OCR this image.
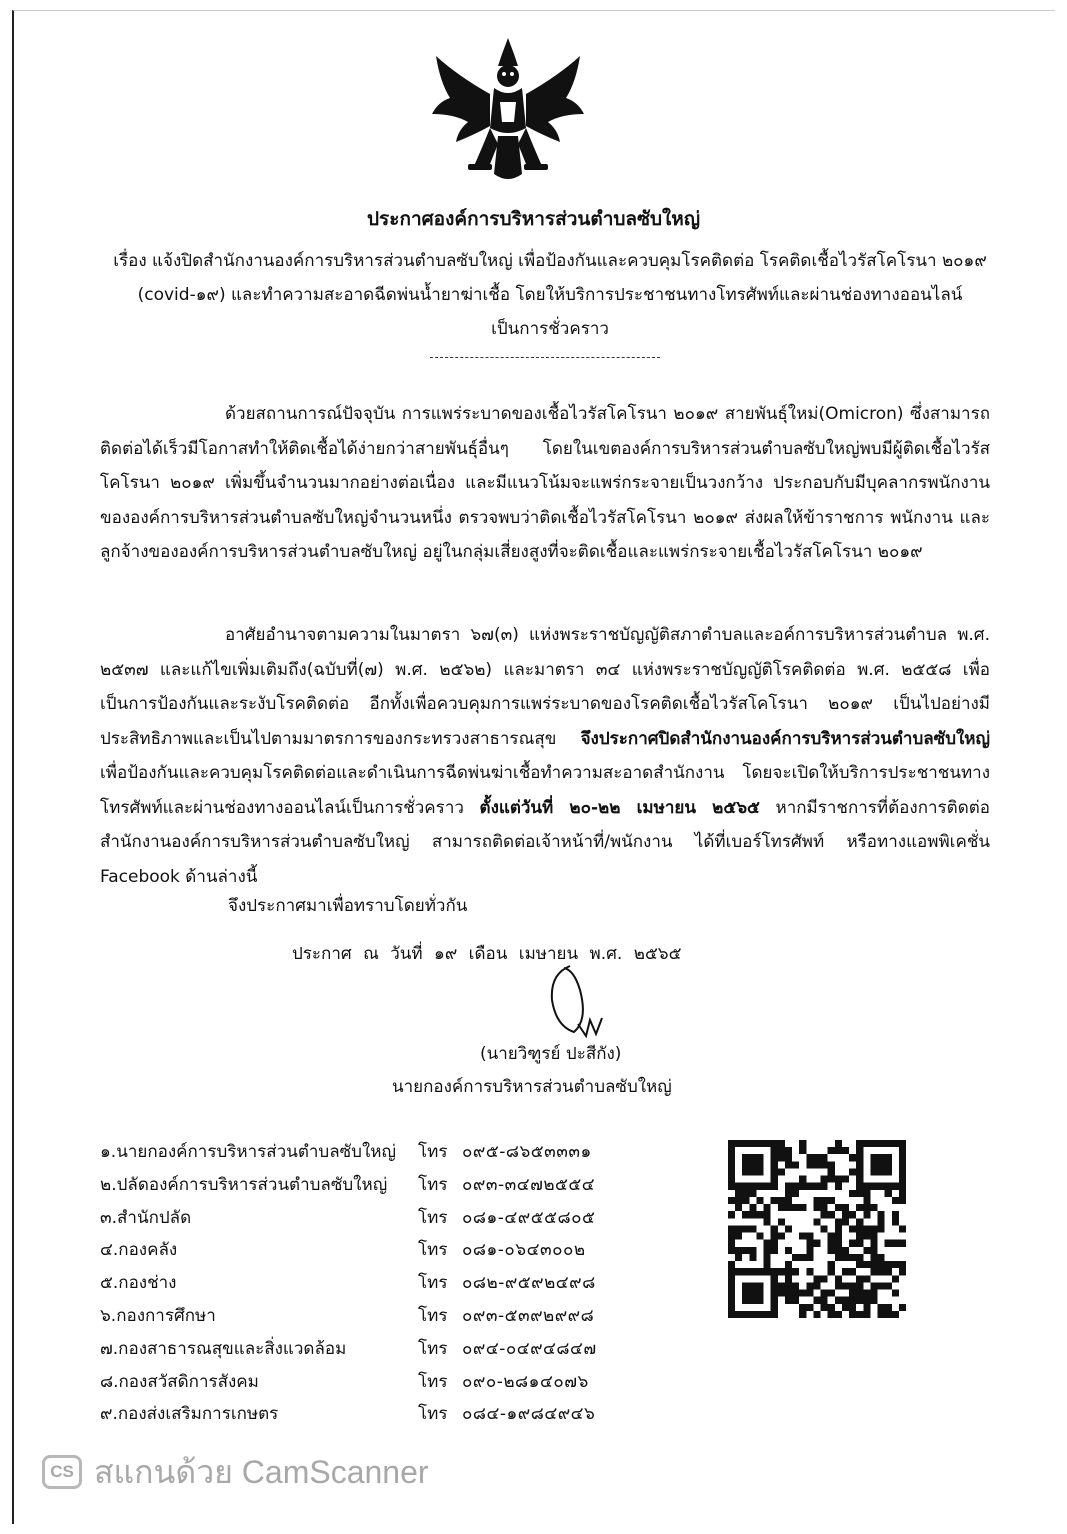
ประกาศองค์การบริหารส่วนตำบลซับใหญ่
เรื่อง แจ้งปิดสำนักงานองค์การบริหารส่วนตำบลซับใหญ่ เพื่อป้องกันและควบคุมโรคติดต่อ โรคติดเชื้อไวรัสโคโรนา ๒๐๑๙ (covid-๑๙) และทำความสะอาดฉีดพ่นน้ำยาฆ่าเชื้อ โดยให้บริการประชาชนทางโทรศัพท์และผ่านช่องทางออนไลน์ เป็นการชั่วคราว
ด้วยสถานการณ์ปัจจุบัน การแพร่ระบาดของเชื้อไวรัสโคโรนา ๒๐๑๙ สายพันธุ์ใหม่(Omicron) ซึ่งสามารถติดต่อได้เร็วมีโอกาสทำให้ติดเชื้อได้ง่ายกว่าสายพันธุ์อื่นๆ โดยในเขตองค์การบริหารส่วนตำบลซับใหญ่พบมีผู้ติดเชื้อไวรัสโคโรนา ๒๐๑๙ เพิ่มขึ้นจำนวนมากอย่างต่อเนื่อง และมีแนวโน้มจะแพร่กระจายเป็นวงกว้าง ประกอบกับมีบุคลากรพนักงานขององค์การบริหารส่วนตำบลซับใหญ่จำนวนหนึ่ง ตรวจพบว่าติดเชื้อไวรัสโคโรนา ๒๐๑๙ ส่งผลให้ข้าราชการ พนักงาน และลูกจ้างขององค์การบริหารส่วนตำบลซับใหญ่ อยู่ในกลุ่มเสี่ยงสูงที่จะติดเชื้อและแพร่กระจายเชื้อไวรัสโคโรนา ๒๐๑๙
อาศัยอำนาจตามความในมาตรา ๖๗(๓) แห่งพระราชบัญญัติสภาตำบลและอค์การบริหารส่วนตำบล พ.ศ. ๒๕๓๗ และแก้ไขเพิ่มเติมถึง(ฉบับที่(๗) พ.ศ. ๒๕๖๒) และมาตรา ๓๔ แห่งพระราชบัญญัติโรคติดต่อ พ.ศ. ๒๕๕๘ เพื่อเป็นการป้องกันและระงับโรคติดต่อ อีกทั้งเพื่อควบคุมการแพร่ระบาดของโรคติดเชื้อไวรัสโคโรนา ๒๐๑๙ เป็นไปอย่างมีประสิทธิภาพและเป็นไปตามมาตรการของกระทรวงสาธารณสุข จึงประกาศปิดสำนักงานองค์การบริหารส่วนตำบลซับใหญ่ เพื่อป้องกันและควบคุมโรคติดต่อและดำเนินการฉีดพ่นฆ่าเชื้อทำความสะอาดสำนักงาน โดยจะเปิดให้บริการประชาชนทางโทรศัพท์และผ่านช่องทางออนไลน์เป็นการชั่วคราว ตั้งแต่วันที่ ๒๐-๒๒ เมษายน ๒๕๖๕ หากมีราชการที่ต้องการติดต่อสำนักงานองค์การบริหารส่วนตำบลซับใหญ่ สามารถติดต่อเจ้าหน้าที่/พนักงาน ได้ที่เบอร์โทรศัพท์ หรือทางแอพพิเคชั่น Facebook ด้านล่างนี้
จึงประกาศมาเพื่อทราบโดยทั่วกัน
ประกาศ ณ วันที่ ๑๙ เดือน เมษายน พ.ศ. ๒๕๖๕
(นายวิฑูรย์ ปะสีกัง)
นายกองค์การบริหารส่วนตำบลซับใหญ่
๑.นายกองค์การบริหารส่วนตำบลซับใหญ่ โทร ๐๙๕-๘๖๕๓๓๓๑
๒.ปลัดองค์การบริหารส่วนตำบลซับใหญ่ โทร ๐๙๓-๓๔๗๒๕๕๔
๓.สำนักปลัด	โทร ๐๘๑-๔๙๕๕๘๐๕
๔.กองคลัง	โทร ๐๘๑-๐๖๔๓๐๐๒
๕.กองช่าง	โทร ๐๘๒-๙๕๙๒๔๙๘
๖.กองการศึกษา	โทร ๐๙๓-๕๓๙๒๙๙๘
๗.กองสาธารณสุขและสิ่งแวดล้อม	โทร ๐๙๔-๐๔๙๔๘๔๗
๘.กองสวัสดิการสังคม	โทร ๐๙๐-๒๘๑๔๐๗๖
๙.กองส่งเสริมการเกษตร	โทร ๐๘๔-๑๙๘๔๙๔๖
CS สแกนด้วย CamScanner
